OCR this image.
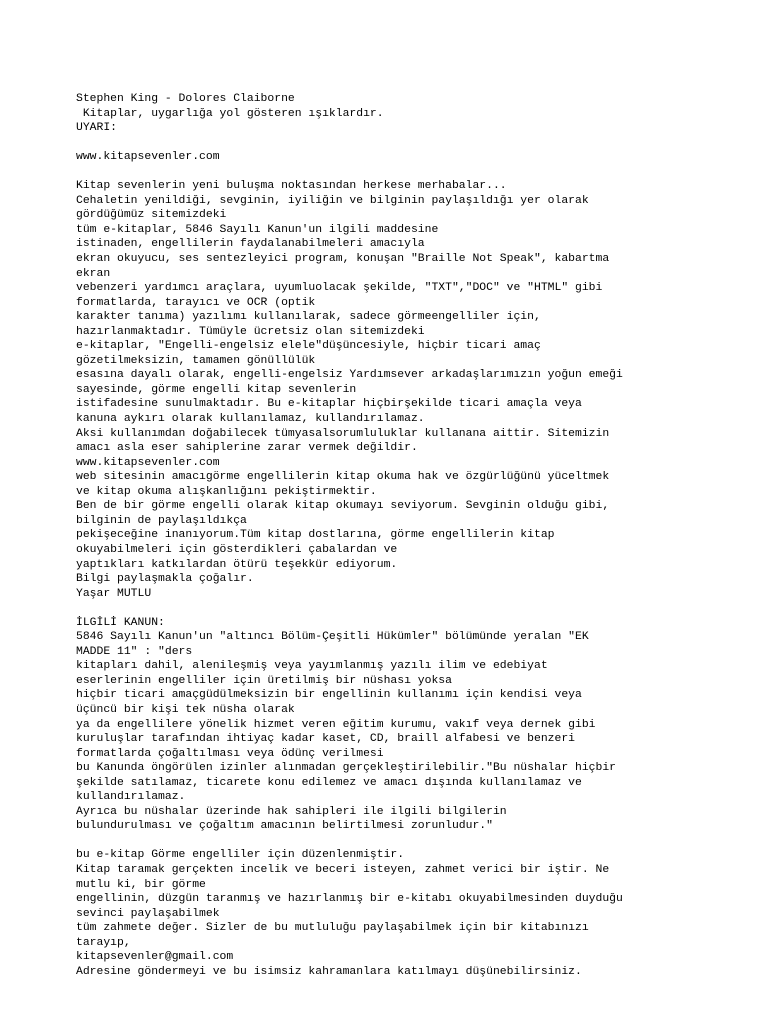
Stephen King - Dolores Claiborne
Kitaplar, uygarlığa yol gösteren ışıklardır.
UYARI:
www.kitapsevenler.com
Kitap sevenlerin yeni buluşma noktasından herkese merhabalar...
Cehaletin yenildiği, sevginin, iyiliğin ve bilginin paylaşıldığı yer olarak
gördüğümüz sitemizdeki
tüm e-kitaplar, 5846 Sayılı Kanun'un ilgili maddesine
istinaden, engellilerin faydalanabilmeleri amacıyla
ekran okuyucu, ses sentezleyici program, konuşan "Braille Not Speak", kabartma
ekran
vebenzeri yardımcı araçlara, uyumluolacak şekilde, "TXT","DOC" ve "HTML" gibi
formatlarda, tarayıcı ve OCR (optik
karakter tanıma) yazılımı kullanılarak, sadece görmeengelliler için,
hazırlanmaktadır. Tümüyle ücretsiz olan sitemizdeki
e-kitaplar, "Engelli-engelsiz elele"düşüncesiyle, hiçbir ticari amaç
gözetilmeksizin, tamamen gönüllülük
esasına dayalı olarak, engelli-engelsiz Yardımsever arkadaşlarımızın yoğun emeği
sayesinde, görme engelli kitap sevenlerin
istifadesine sunulmaktadır. Bu e-kitaplar hiçbirşekilde ticari amaçla veya
kanuna aykırı olarak kullanılamaz, kullandırılamaz.
Aksi kullanımdan doğabilecek tümyasalsorumluluklar kullanana aittir. Sitemizin
amacı asla eser sahiplerine zarar vermek değildir.
www.kitapsevenler.com
web sitesinin amacıgörme engellilerin kitap okuma hak ve özgürlüğünü yüceltmek
ve kitap okuma alışkanlığını pekiştirmektir.
Ben de bir görme engelli olarak kitap okumayı seviyorum. Sevginin olduğu gibi,
bilginin de paylaşıldıkça
pekişeceğine inanıyorum.Tüm kitap dostlarına, görme engellilerin kitap
okuyabilmeleri için gösterdikleri çabalardan ve
yaptıkları katkılardan ötürü teşekkür ediyorum.
Bilgi paylaşmakla çoğalır.
Yaşar MUTLU
İLGİLİ KANUN:
5846 Sayılı Kanun'un "altıncı Bölüm-Çeşitli Hükümler" bölümünde yeralan "EK
MADDE 11" : "ders
kitapları dahil, alenileşmiş veya yayımlanmış yazılı ilim ve edebiyat
eserlerinin engelliler için üretilmiş bir nüshası yoksa
hiçbir ticari amaçgüdülmeksizin bir engellinin kullanımı için kendisi veya
üçüncü bir kişi tek nüsha olarak
ya da engellilere yönelik hizmet veren eğitim kurumu, vakıf veya dernek gibi
kuruluşlar tarafından ihtiyaç kadar kaset, CD, braill alfabesi ve benzeri
formatlarda çoğaltılması veya ödünç verilmesi
bu Kanunda öngörülen izinler alınmadan gerçekleştirilebilir."Bu nüshalar hiçbir
şekilde satılamaz, ticarete konu edilemez ve amacı dışında kullanılamaz ve
kullandırılamaz.
Ayrıca bu nüshalar üzerinde hak sahipleri ile ilgili bilgilerin
bulundurulması ve çoğaltım amacının belirtilmesi zorunludur."
bu e-kitap Görme engelliler için düzenlenmiştir.
Kitap taramak gerçekten incelik ve beceri isteyen, zahmet verici bir iştir. Ne
mutlu ki, bir görme
engellinin, düzgün taranmış ve hazırlanmış bir e-kitabı okuyabilmesinden duyduğu
sevinci paylaşabilmek
tüm zahmete değer. Sizler de bu mutluluğu paylaşabilmek için bir kitabınızı
tarayıp,
kitapsevenler@gmail.com
Adresine göndermeyi ve bu isimsiz kahramanlara katılmayı düşünebilirsiniz.
